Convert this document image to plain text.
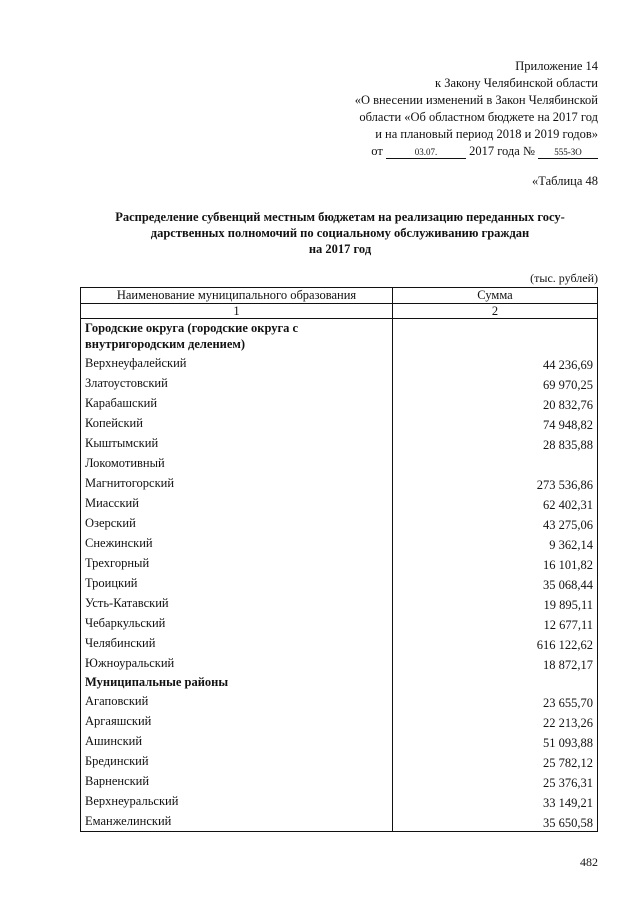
Приложение 14
к Закону Челябинской области
«О внесении изменений в Закон Челябинской
области «Об областном бюджете на 2017 год
и на плановый период 2018 и 2019 годов»
от	03.07.	2017 года № 555-ЗО
«Таблица 48
Распределение субвенций местным бюджетам на реализацию переданных госу-
дарственных полномочий по социальному обслуживанию граждан
на 2017 год
(тыс. рублей)
Наименование муниципального образования	Сумма
1	2
Городские округа (городские округа с внутригородским делением)	
Верхнеуфалейский	44 236,69
Златоустовский	69 970,25
Карабашский	20 832,76
Копейский	74 948,82
Кыштымский	28 835,88
Локомотивный	
Магнитогорский	273 536,86
Миасский	62 402,31
Озерский	43 275,06
Снежинский	9 362,14
Трехгорный	16 101,82
Троицкий	35 068,44
Усть-Катавский	19 895,11
Чебаркульский	12 677,11
Челябинский	616 122,62
Южноуральский	18 872,17
Муниципальные районы	
Агаповский	23 655,70
Аргаяшский	22 213,26
Ашинский	51 093,88
Брединский	25 782,12
Варненский	25 376,31
Верхнеуральский	33 149,21
Еманжелинский	35 650,58
482
